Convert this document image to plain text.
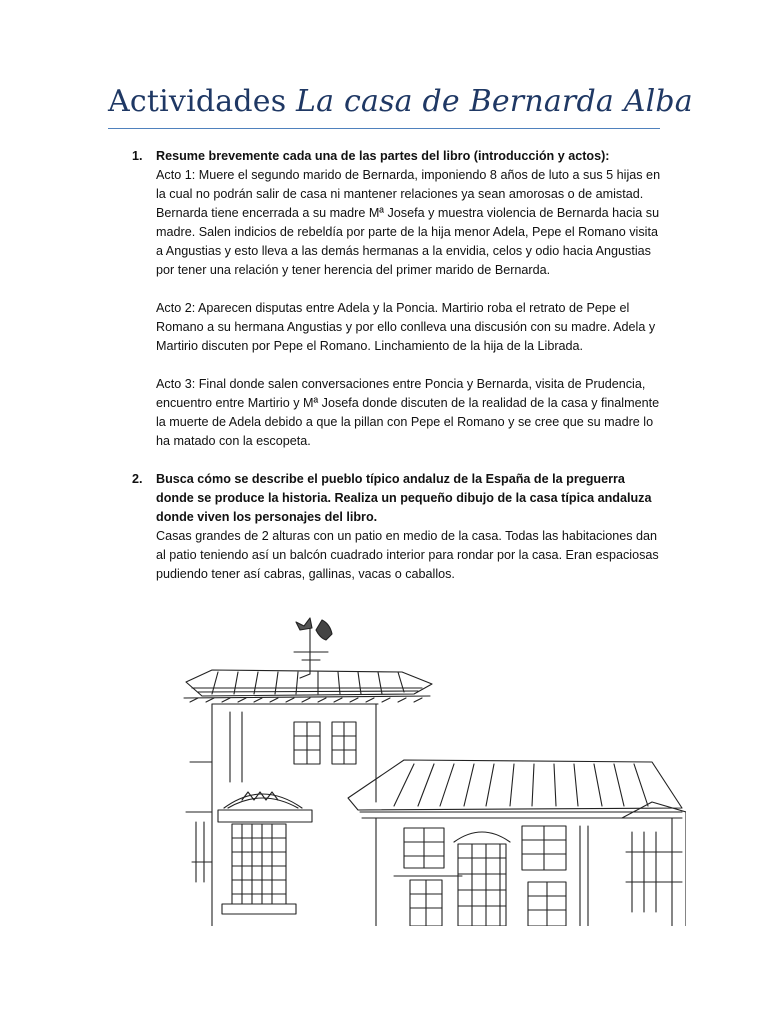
Actividades La casa de Bernarda Alba
1. Resume brevemente cada una de las partes del libro (introducción y actos):

Acto 1: Muere el segundo marido de Bernarda, imponiendo 8 años de luto a sus 5 hijas en la cual no podrán salir de casa ni mantener relaciones ya sean amorosas o de amistad. Bernarda tiene encerrada a su madre Mª Josefa y muestra violencia de Bernarda hacia su madre. Salen indicios de rebeldía por parte de la hija menor Adela, Pepe el Romano visita a Angustias y esto lleva a las demás hermanas a la envidia, celos y odio hacia Angustias por tener una relación y tener herencia del primer marido de Bernarda.

Acto 2: Aparecen disputas entre Adela y la Poncia. Martirio roba el retrato de Pepe el Romano a su hermana Angustias y por ello conlleva una discusión con su madre. Adela y Martirio discuten por Pepe el Romano. Linchamiento de la hija de la Librada.

Acto 3: Final donde salen conversaciones entre Poncia y Bernarda, visita de Prudencia, encuentro entre Martirio y Mª Josefa donde discuten de la realidad de la casa y finalmente la muerte de Adela debido a que la pillan con Pepe el Romano y se cree que su madre lo ha matado con la escopeta.

2. Busca cómo se describe el pueblo típico andaluz de la España de la preguerra donde se produce la historia. Realiza un pequeño dibujo de la casa típica andaluza donde viven los personajes del libro.

Casas grandes de 2 alturas con un patio en medio de la casa. Todas las habitaciones dan al patio teniendo así un balcón cuadrado interior para rondar por la casa. Eran espaciosas pudiendo tener así cabras, gallinas, vacas o caballos.
